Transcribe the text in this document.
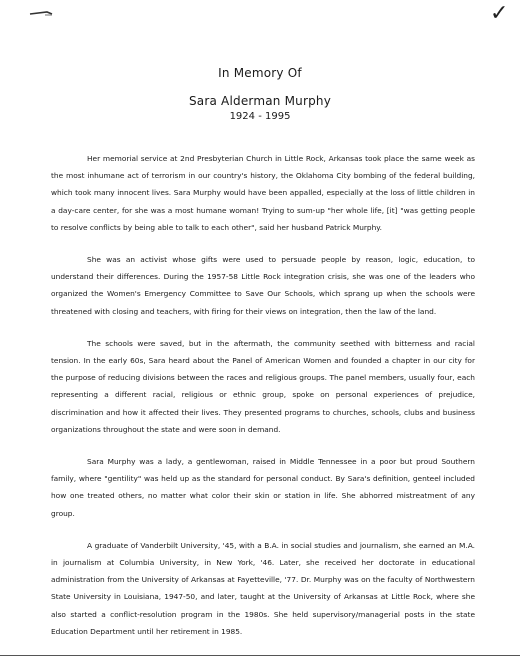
✓
In Memory Of
Sara Alderman Murphy
1924 - 1995

Her memorial service at 2nd Presbyterian Church in Little Rock, Arkansas took place the same week as the most inhumane act of terrorism in our country's history, the Oklahoma City bombing of the federal building, which took many innocent lives. Sara Murphy would have been appalled, especially at the loss of little children in a day-care center, for she was a most humane woman! Trying to sum-up "her whole life, [it] "was getting people to resolve conflicts by being able to talk to each other", said her husband Patrick Murphy.

She was an activist whose gifts were used to persuade people by reason, logic, education, to understand their differences. During the 1957-58 Little Rock integration crisis, she was one of the leaders who organized the Women's Emergency Committee to Save Our Schools, which sprang up when the schools were threatened with closing and teachers, with firing for their views on integration, then the law of the land.

The schools were saved, but in the aftermath, the community seethed with bitterness and racial tension. In the early 60s, Sara heard about the Panel of American Women and founded a chapter in our city for the purpose of reducing divisions between the races and religious groups. The panel members, usually four, each representing a different racial, religious or ethnic group, spoke on personal experiences of prejudice, discrimination and how it affected their lives. They presented programs to churches, schools, clubs and business organizations throughout the state and were soon in demand.

Sara Murphy was a lady, a gentlewoman, raised in Middle Tennessee in a poor but proud Southern family, where "gentility" was held up as the standard for personal conduct. By Sara's definition, genteel included how one treated others, no matter what color their skin or station in life. She abhorred mistreatment of any group.

A graduate of Vanderbilt University, '45, with a B.A. in social studies and journalism, she earned an M.A. in journalism at Columbia University, in New York, '46. Later, she received her doctorate in educational administration from the University of Arkansas at Fayetteville, '77. Dr. Murphy was on the faculty of Northwestern State University in Louisiana, 1947-50, and later, taught at the University of Arkansas at Little Rock, where she also started a conflict-resolution program in the 1980s. She held supervisory/managerial posts in the state Education Department until her retirement in 1985.
